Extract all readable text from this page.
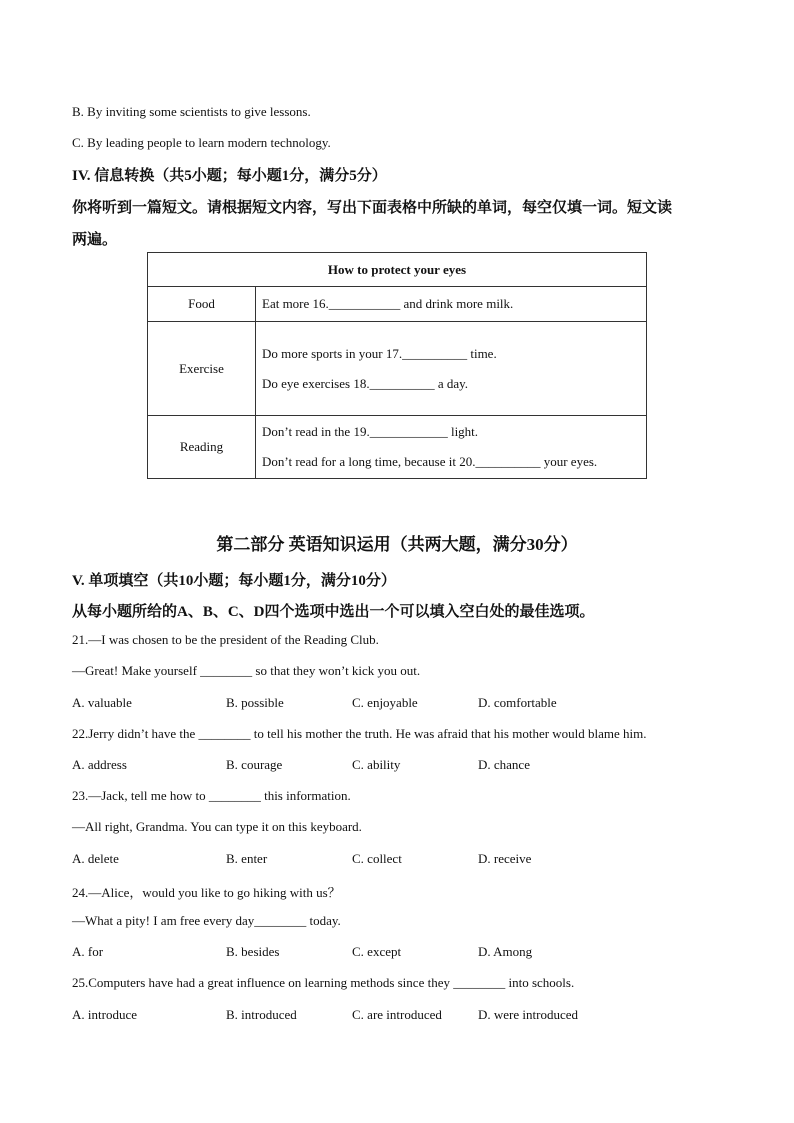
B. By inviting some scientists to give lessons.
C. By leading people to learn modern technology.
IV. 信息转换（共5小题；每小题1分，满分5分）
你将听到一篇短文。请根据短文内容，写出下面表格中所缺的单词，每空仅填一词。短文读
两遍。
How to protect your eyes	
Food	Eat more 16.___________ and drink more milk.

Exercise	Do more sports in your 17.__________ time.
Do eye exercises 18.__________ a day.

Reading	Don’t read in the 19.____________ light.
Don’t read for a long time, because it 20.__________ your eyes.
第二部分 英语知识运用（共两大题，满分30分）
V. 单项填空（共10小题；每小题1分，满分10分）
从每小题所给的A、B、C、D四个选项中选出一个可以填入空白处的最佳选项。
21.—I was chosen to be the president of the Reading Club.
—Great! Make yourself ________ so that they won’t kick you out.
A. valuable	B. possible	C. enjoyable	D. comfortable
22.Jerry didn’t have the ________ to tell his mother the truth. He was afraid that his mother would blame him.
A. address	B. courage	C. ability	D. chance
23.—Jack, tell me how to ________ this information.
—All right, Grandma. You can type it on this keyboard.
A. delete	B. enter	C. collect	D. receive
24.—Alice，would you like to go hiking with us？
—What a pity! I am free every day________ today.
A. for	B. besides	C. except	D. Among
25.Computers have had a great influence on learning methods since they ________ into schools.
A. introduce	B. introduced	C. are introduced	D. were introduced
